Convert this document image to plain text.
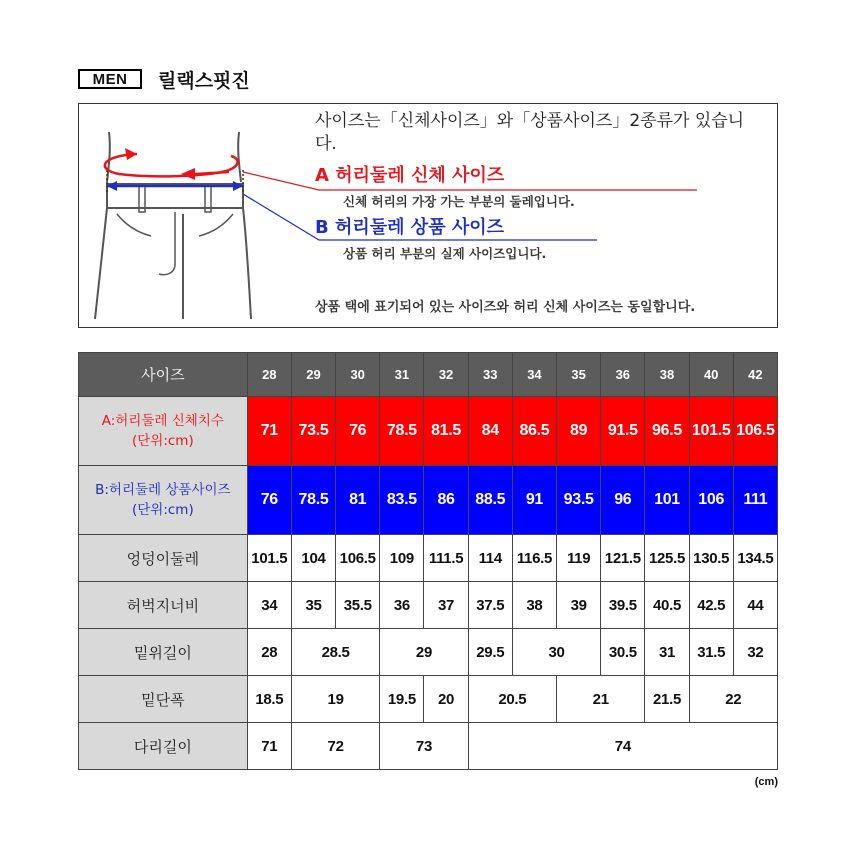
MEN	릴랙스핏진
사이즈는「신체사이즈」와「상품사이즈」2종류가 있습니다.
A 허리둘레 신체 사이즈
신체 허리의 가장 가는 부분의 둘레입니다.
B 허리둘레 상품 사이즈
상품 허리 부분의 실제 사이즈입니다.
상품 택에 표기되어 있는 사이즈와 허리 신체 사이즈는 동일합니다.
사이즈	28	29	30	31	32	33	34	35	36	38	40	42

A:허리둘레 신체치수
(단위:cm)	71	73.5	76	78.5	81.5	84	86.5	89	91.5	96.5	101.5	106.5

B:허리둘레 상품사이즈
(단위:cm)	76	78.5	81	83.5	86	88.5	91	93.5	96	101	106	111
엉덩이둘레	101.5	104	106.5	109	111.5	114	116.5	119	121.5	125.5	130.5	134.5
허벅지너비	34	35	35.5	36	37	37.5	38	39	39.5	40.5	42.5	44
밑위길이	28	28.5		29		29.5	30		30.5	31	31.5	32
밑단폭	18.5	19		19.5	20	20.5		21		21.5	22	
다리길이	71	72		73		74						
(cm)
